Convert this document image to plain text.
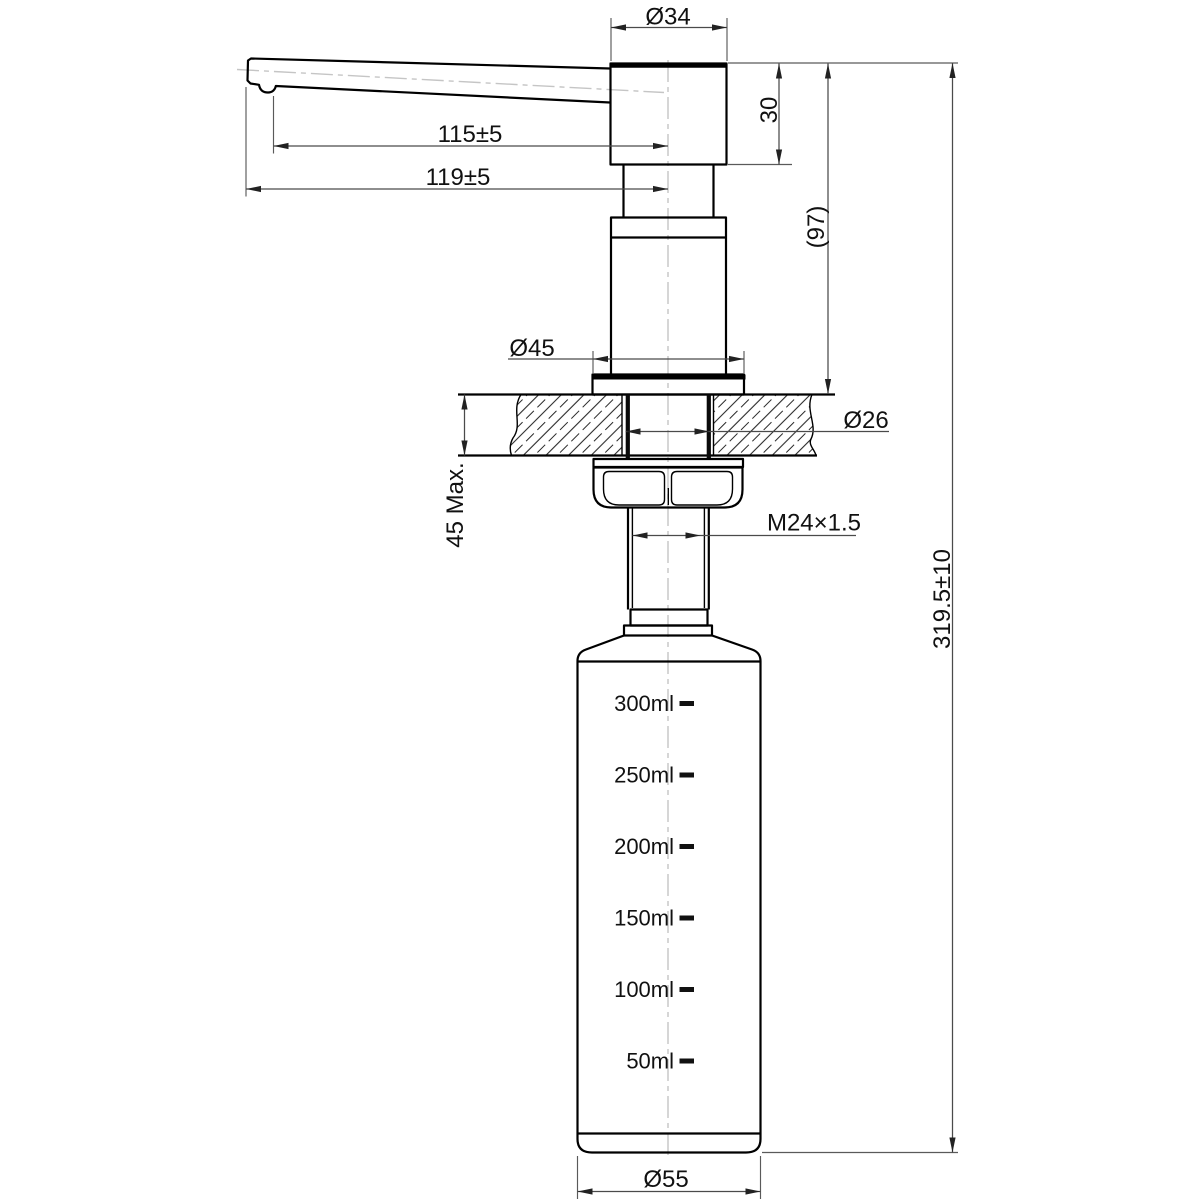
300ml
250ml
200ml
150ml
100ml
50ml
Ø34
30
115±5
119±5
(97)
319.5±10
Ø45
Ø26
45 Max.	M24×1.5
Ø55
